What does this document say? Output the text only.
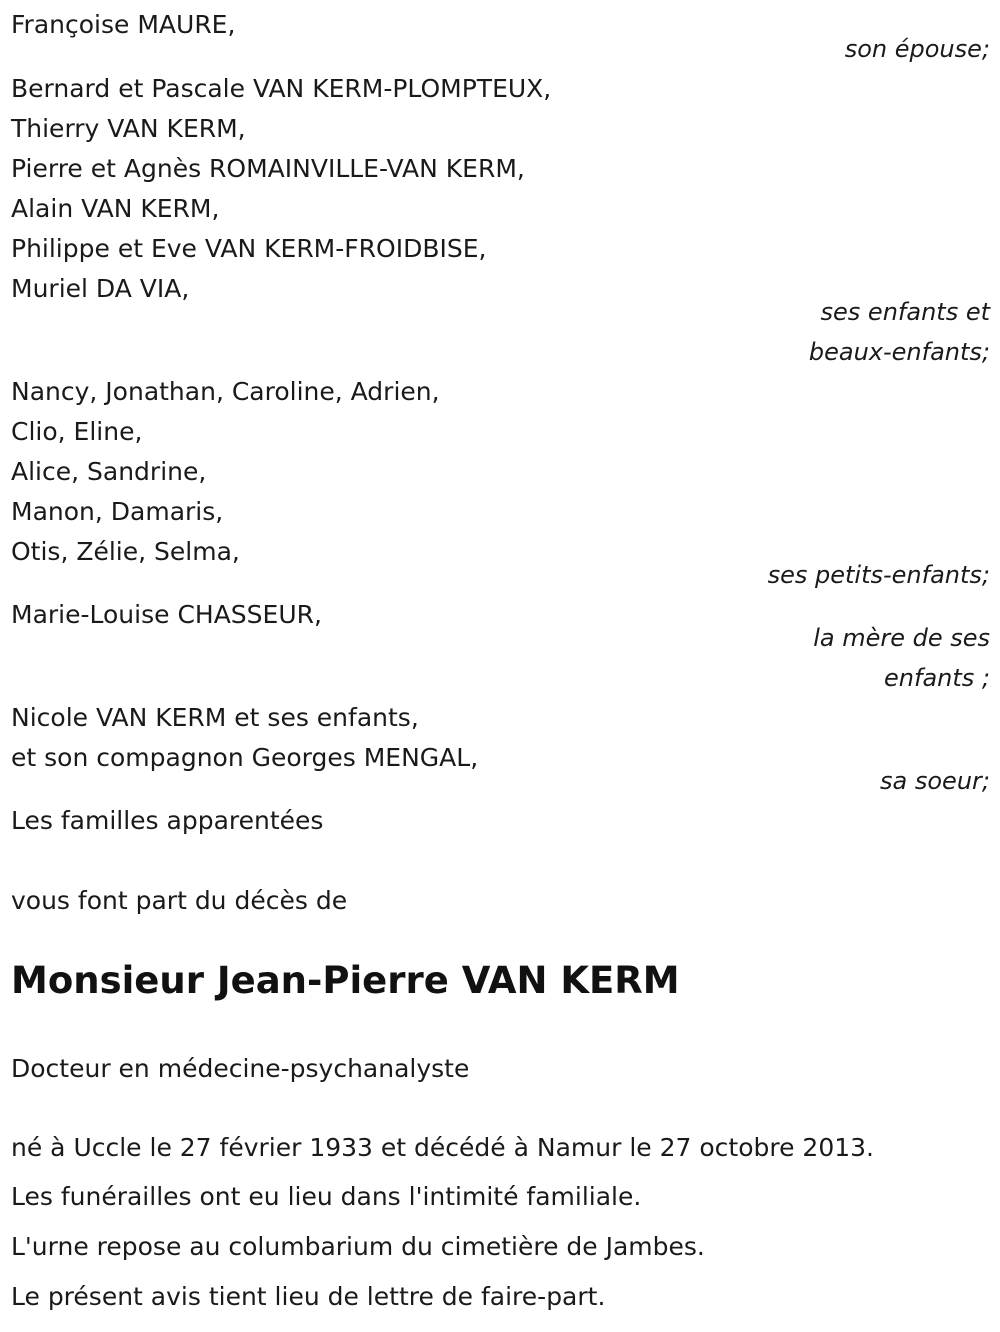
Françoise MAURE,

son épouse;

Bernard et Pascale VAN KERM-PLOMPTEUX,

Thierry VAN KERM,

Pierre et Agnès ROMAINVILLE-VAN KERM,

Alain VAN KERM,

Philippe et Eve VAN KERM-FROIDBISE,

Muriel DA VIA,

ses enfants et

beaux-enfants;

Nancy, Jonathan, Caroline, Adrien,

Clio, Eline,

Alice, Sandrine,

Manon, Damaris,

Otis, Zélie, Selma,

ses petits-enfants;

Marie-Louise CHASSEUR,

la mère de ses

enfants ;

Nicole VAN KERM et ses enfants,

et son compagnon Georges MENGAL,

sa soeur;

Les familles apparentées

vous font part du décès de

Monsieur Jean-Pierre VAN KERM

Docteur en médecine-psychanalyste

né à Uccle le 27 février 1933 et décédé à Namur le 27 octobre 2013.

Les funérailles ont eu lieu dans l'intimité familiale.

L'urne repose au columbarium du cimetière de Jambes.

Le présent avis tient lieu de lettre de faire-part.
